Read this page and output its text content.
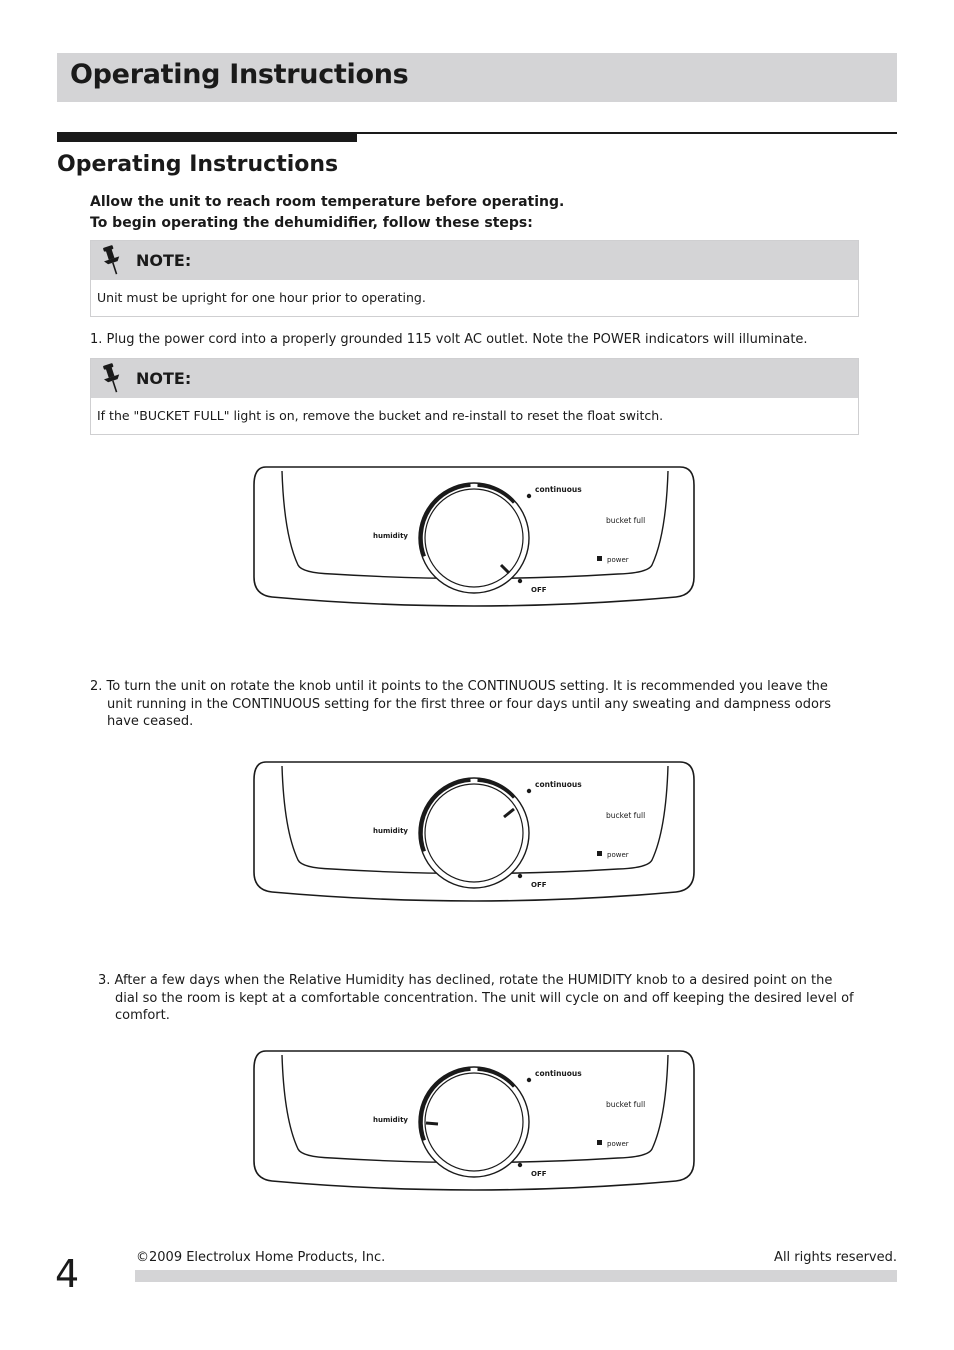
Operating Instructions
Operating Instructions
Allow the unit to reach room temperature before operating.
To begin operating the dehumidifier, follow these steps:
NOTE:
Unit must be upright for one hour prior to operating.
1. Plug the power cord into a properly grounded 115 volt AC outlet. Note the POWER indicators will illuminate.
NOTE:
If the "BUCKET FULL" light is on, remove the bucket and re-install to reset the float switch.
continuous
bucket full
power
humidity
OFF
2. To turn the unit on rotate the knob until it points to the CONTINUOUS setting. It is recommended you leave the unit running in the CONTINUOUS setting for the first three or four days until any sweating and dampness odors have ceased.
continuous
bucket full
power
humidity
OFF
3. After a few days when the Relative Humidity has declined, rotate the HUMIDITY knob to a desired point on the dial so the room is kept at a comfortable concentration. The unit will cycle on and off keeping the desired level of comfort.
continuous
bucket full
power
humidity
OFF
4	©2009 Electrolux Home Products, Inc.	All rights reserved.
